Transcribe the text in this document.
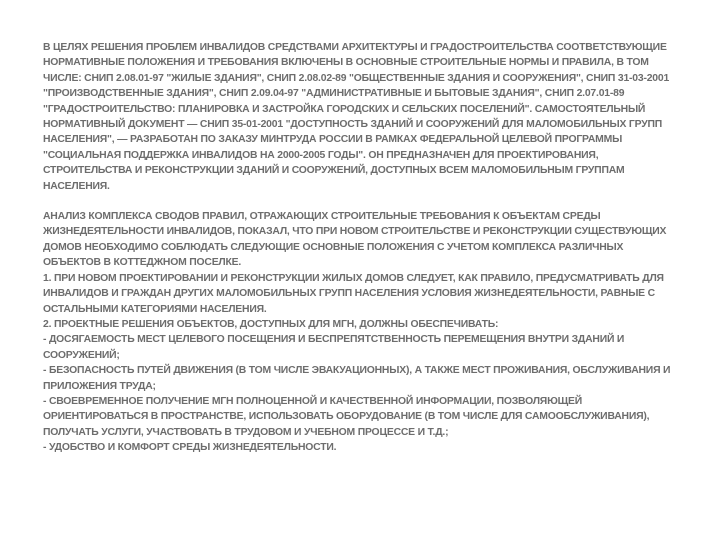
В ЦЕЛЯХ РЕШЕНИЯ ПРОБЛЕМ ИНВАЛИДОВ СРЕДСТВАМИ АРХИТЕКТУРЫ И ГРАДОСТРОИТЕЛЬСТВА СООТВЕТСТВУЮЩИЕ НОРМАТИВНЫЕ ПОЛОЖЕНИЯ И ТРЕБОВАНИЯ ВКЛЮЧЕНЫ В ОСНОВНЫЕ СТРОИТЕЛЬНЫЕ НОРМЫ И ПРАВИЛА, В ТОМ ЧИСЛЕ: СНИП 2.08.01-97 "ЖИЛЫЕ ЗДАНИЯ", СНИП 2.08.02-89 "ОБЩЕСТВЕННЫЕ ЗДАНИЯ И СООРУЖЕНИЯ", СНИП 31-03-2001 "ПРОИЗВОДСТВЕННЫЕ ЗДАНИЯ", СНИП 2.09.04-97 "АДМИНИСТРАТИВНЫЕ И БЫТОВЫЕ ЗДАНИЯ", СНИП 2.07.01-89 "ГРАДОСТРОИТЕЛЬСТВО: ПЛАНИРОВКА И ЗАСТРОЙКА ГОРОДСКИХ И СЕЛЬСКИХ ПОСЕЛЕНИЙ". САМОСТОЯТЕЛЬНЫЙ НОРМАТИВНЫЙ ДОКУМЕНТ — СНИП 35-01-2001 "ДОСТУПНОСТЬ ЗДАНИЙ И СООРУЖЕНИЙ ДЛЯ МАЛОМОБИЛЬНЫХ ГРУПП НАСЕЛЕНИЯ", — РАЗРАБОТАН ПО ЗАКАЗУ МИНТРУДА РОССИИ В РАМКАХ ФЕДЕРАЛЬНОЙ ЦЕЛЕВОЙ ПРОГРАММЫ "СОЦИАЛЬНАЯ ПОДДЕРЖКА ИНВАЛИДОВ НА 2000-2005 ГОДЫ". ОН ПРЕДНАЗНАЧЕН ДЛЯ ПРОЕКТИРОВАНИЯ, СТРОИТЕЛЬСТВА И РЕКОНСТРУКЦИИ ЗДАНИЙ И СООРУЖЕНИЙ, ДОСТУПНЫХ ВСЕМ МАЛОМОБИЛЬНЫМ ГРУППАМ НАСЕЛЕНИЯ.

АНАЛИЗ КОМПЛЕКСА СВОДОВ ПРАВИЛ, ОТРАЖАЮЩИХ СТРОИТЕЛЬНЫЕ ТРЕБОВАНИЯ К ОБЪЕКТАМ СРЕДЫ ЖИЗНЕДЕЯТЕЛЬНОСТИ ИНВАЛИДОВ, ПОКАЗАЛ, ЧТО ПРИ НОВОМ СТРОИТЕЛЬСТВЕ И РЕКОНСТРУКЦИИ СУЩЕСТВУЮЩИХ ДОМОВ НЕОБХОДИМО СОБЛЮДАТЬ СЛЕДУЮЩИЕ ОСНОВНЫЕ ПОЛОЖЕНИЯ С УЧЕТОМ КОМПЛЕКСА РАЗЛИЧНЫХ ОБЪЕКТОВ В КОТТЕДЖНОМ ПОСЕЛКЕ.
1. ПРИ НОВОМ ПРОЕКТИРОВАНИИ И РЕКОНСТРУКЦИИ ЖИЛЫХ ДОМОВ СЛЕДУЕТ, КАК ПРАВИЛО, ПРЕДУСМАТРИВАТЬ ДЛЯ ИНВАЛИДОВ И ГРАЖДАН ДРУГИХ МАЛОМОБИЛЬНЫХ ГРУПП НАСЕЛЕНИЯ УСЛОВИЯ ЖИЗНЕДЕЯТЕЛЬНОСТИ, РАВНЫЕ С ОСТАЛЬНЫМИ КАТЕГОРИЯМИ НАСЕЛЕНИЯ.
2. ПРОЕКТНЫЕ РЕШЕНИЯ ОБЪЕКТОВ, ДОСТУПНЫХ ДЛЯ МГН, ДОЛЖНЫ ОБЕСПЕЧИВАТЬ:
- ДОСЯГАЕМОСТЬ МЕСТ ЦЕЛЕВОГО ПОСЕЩЕНИЯ И БЕСПРЕПЯТСТВЕННОСТЬ ПЕРЕМЕЩЕНИЯ ВНУТРИ ЗДАНИЙ И СООРУЖЕНИЙ;
- БЕЗОПАСНОСТЬ ПУТЕЙ ДВИЖЕНИЯ (В ТОМ ЧИСЛЕ ЭВАКУАЦИОННЫХ), А ТАКЖЕ МЕСТ ПРОЖИВАНИЯ, ОБСЛУЖИВАНИЯ И ПРИЛОЖЕНИЯ ТРУДА;
- СВОЕВРЕМЕННОЕ ПОЛУЧЕНИЕ МГН ПОЛНОЦЕННОЙ И КАЧЕСТВЕННОЙ ИНФОРМАЦИИ, ПОЗВОЛЯЮЩЕЙ ОРИЕНТИРОВАТЬСЯ В ПРОСТРАНСТВЕ, ИСПОЛЬЗОВАТЬ ОБОРУДОВАНИЕ (В ТОМ ЧИСЛЕ ДЛЯ САМООБСЛУЖИВАНИЯ), ПОЛУЧАТЬ УСЛУГИ, УЧАСТВОВАТЬ В ТРУДОВОМ И УЧЕБНОМ ПРОЦЕССЕ И Т.Д.;
- УДОБСТВО И КОМФОРТ СРЕДЫ ЖИЗНЕДЕЯТЕЛЬНОСТИ.
